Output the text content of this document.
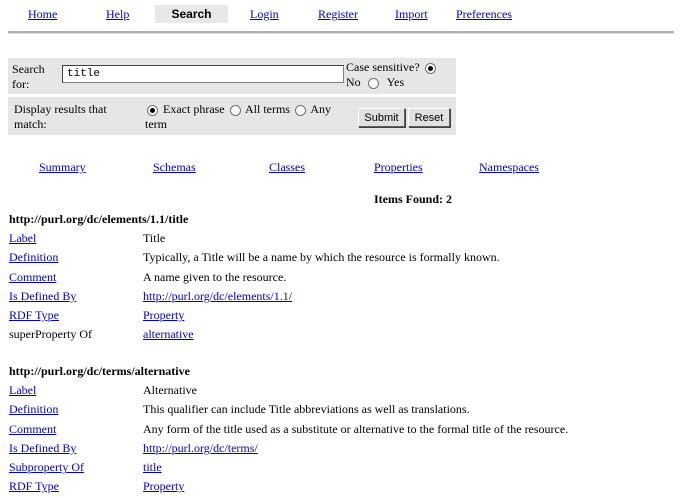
Home	Help	Search	Login	Register	Import Preferences
Search for:
title	Case sensitive?
No Yes
Display results that match:
Exact phrase All terms Any term	Submit	Reset
Summary	Schemas	Classes	Properties	Namespaces
Items Found: 2
http://purl.org/dc/elements/1.1/title
Label	Title
Definition	Typically, a Title will be a name by which the resource is formally known.
Comment	A name given to the resource.
Is Defined By	http://purl.org/dc/elements/1.1/
RDF Type	Property
superProperty Of	alternative
http://purl.org/dc/terms/alternative
Label	Alternative
Definition	This qualifier can include Title abbreviations as well as translations.
Comment	Any form of the title used as a substitute or alternative to the formal title of the resource.
Is Defined By	http://purl.org/dc/terms/
Subproperty Of	title
RDF Type	Property
